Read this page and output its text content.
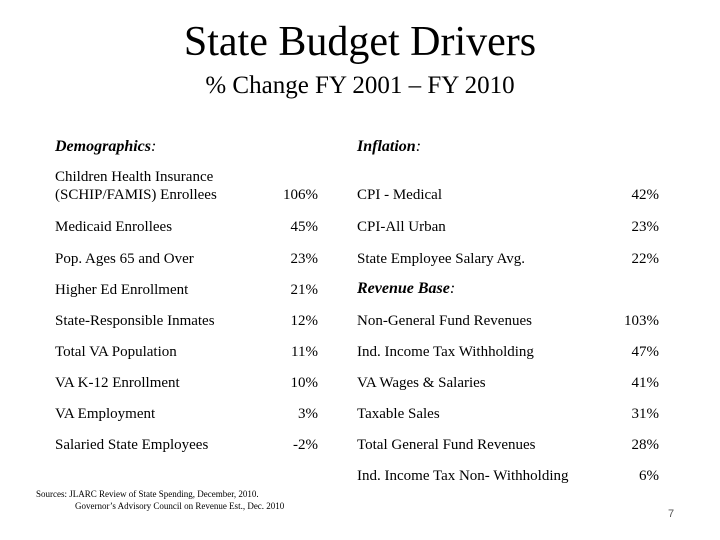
State Budget Drivers
% Change FY 2001 – FY 2010
Demographics:	Inflation:
Revenue Base:
Children Health Insurance
(SCHIP/FAMIS) Enrollees	106%
Medicaid Enrollees	45%
Pop. Ages 65 and Over	23%
Higher Ed Enrollment	21%
State-Responsible Inmates	12%
Total VA Population	11%
VA K-12 Enrollment	10%
VA Employment	3%
Salaried State Employees	-2%
CPI - Medical	42%
CPI-All Urban	23%
State Employee Salary Avg.	22%
Non-General Fund Revenues	103%
Ind. Income Tax Withholding	47%
VA Wages & Salaries	41%
Taxable Sales	31%
Total General Fund Revenues	28%
Ind. Income Tax Non- Withholding	6%
Sources: JLARC Review of State Spending, December, 2010.
Governor’s Advisory Council on Revenue Est., Dec. 2010
7
